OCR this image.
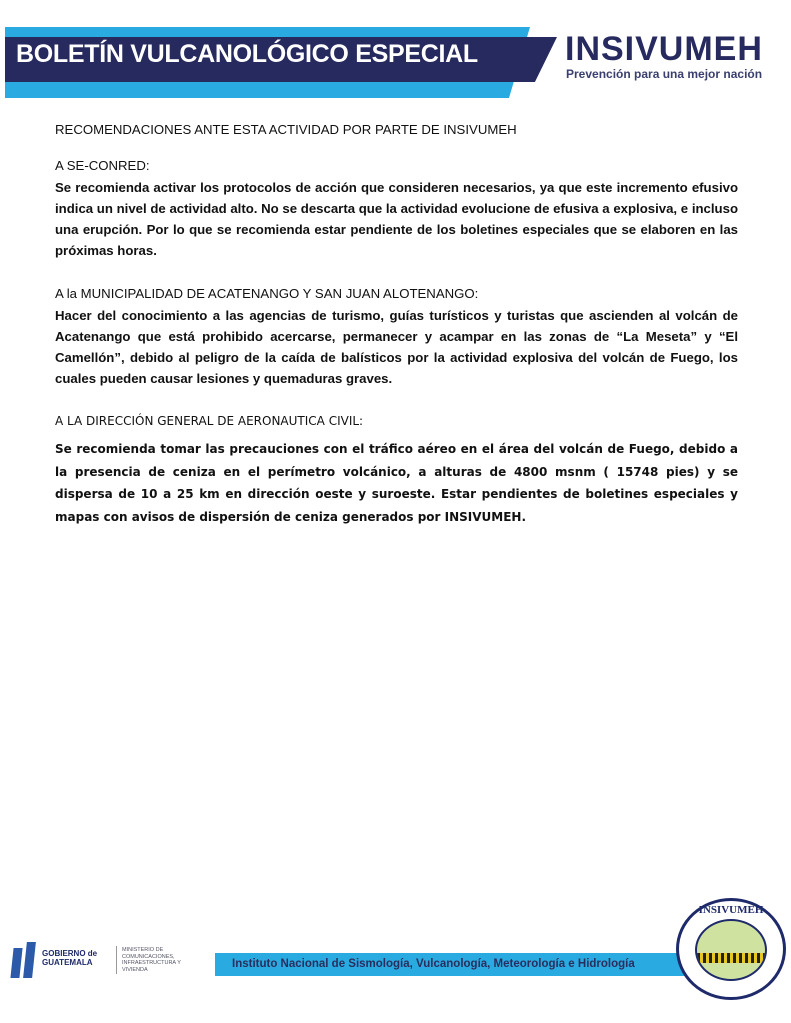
BOLETÍN VULCANOLÓGICO ESPECIAL	INSIVUMEH
Prevención para una mejor nación
RECOMENDACIONES ANTE ESTA ACTIVIDAD POR PARTE DE INSIVUMEH
A SE-CONRED:

Se recomienda activar los protocolos de acción que consideren necesarios, ya que este incremento efusivo indica un nivel de actividad alto. No se descarta que la actividad evolucione de efusiva a explosiva, e incluso una erupción. Por lo que se recomienda estar pendiente de los boletines especiales que se elaboren en las próximas horas.

A la MUNICIPALIDAD DE ACATENANGO Y SAN JUAN ALOTENANGO:

Hacer del conocimiento a las agencias de turismo, guías turísticos y turistas que ascienden al volcán de Acatenango que está prohibido acercarse, permanecer y acampar en las zonas de “La Meseta” y “El Camellón”, debido al peligro de la caída de balísticos por la actividad explosiva del volcán de Fuego, los cuales pueden causar lesiones y quemaduras graves.

A LA DIRECCIÓN GENERAL DE AERONAUTICA CIVIL:

Se recomienda tomar las precauciones con el tráfico aéreo en el área del volcán de Fuego, debido a la presencia de ceniza en el perímetro volcánico, a alturas de 4800 msnm ( 15748 pies) y se dispersa de 10 a 25 km en dirección oeste y suroeste. Estar pendientes de boletines especiales y mapas con avisos de dispersión de ceniza generados por INSIVUMEH.

GOBIERNO de GUATEMALA
MINISTERIO DE COMUNICACIONES, INFRAESTRUCTURA Y VIVIENDA	Instituto Nacional de Sismología, Vulcanología, Meteorología e Hidrología
INSIVUMEH
